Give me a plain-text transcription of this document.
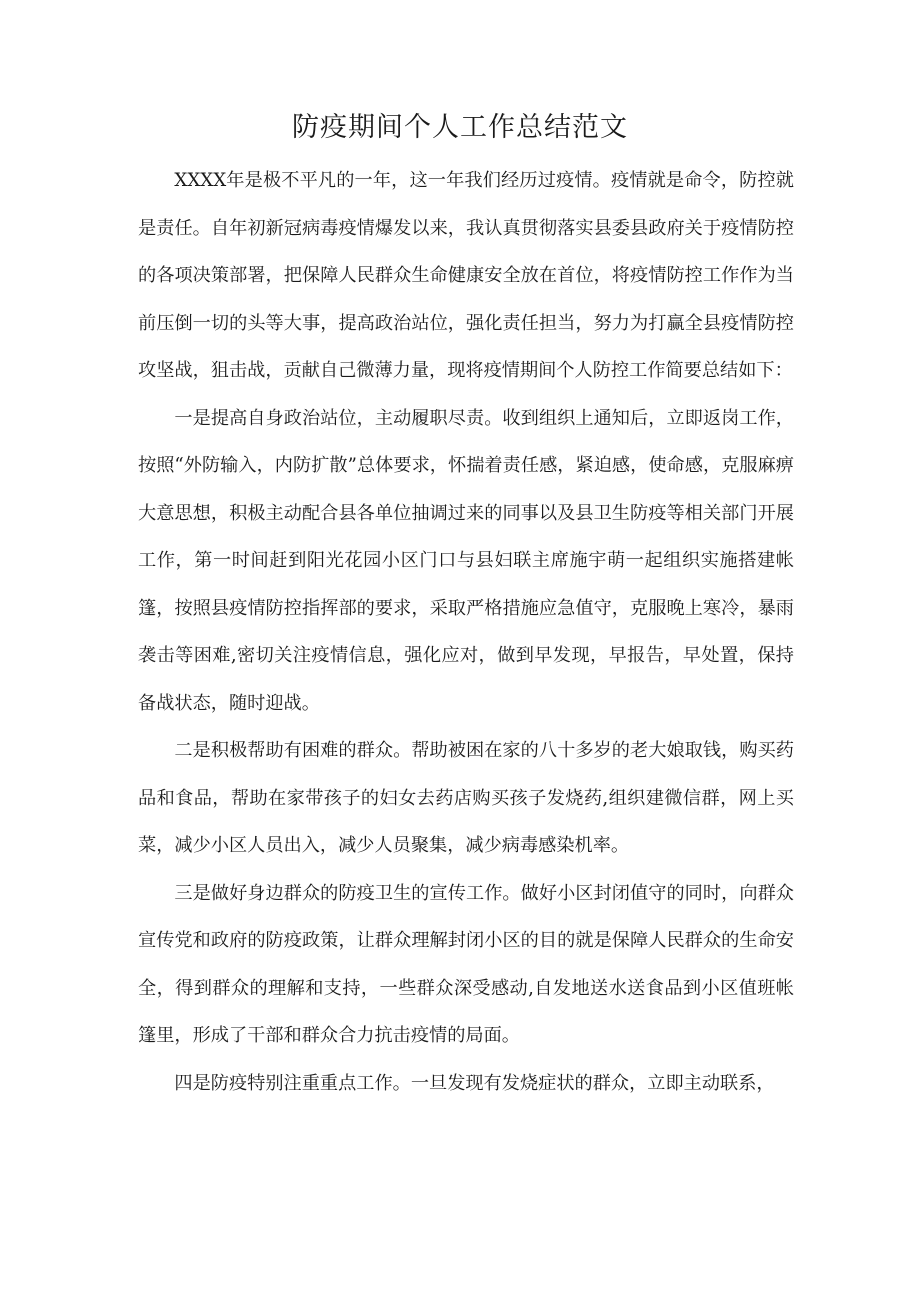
防疫期间个人工作总结范文

XXXX年是极不平凡的一年，这一年我们经历过疫情。疫情就是命令，防控就是责任。自年初新冠病毒疫情爆发以来，我认真贯彻落实县委县政府关于疫情防控的各项决策部署，把保障人民群众生命健康安全放在首位，将疫情防控工作作为当前压倒一切的头等大事，提高政治站位，强化责任担当，努力为打赢全县疫情防控攻坚战，狙击战，贡献自己微薄力量，现将疫情期间个人防控工作简要总结如下：

一是提高自身政治站位，主动履职尽责。收到组织上通知后，立即返岗工作，按照“外防输入，内防扩散”总体要求，怀揣着责任感，紧迫感，使命感，克服麻痹大意思想，积极主动配合县各单位抽调过来的同事以及县卫生防疫等相关部门开展工作，第一时间赶到阳光花园小区门口与县妇联主席施宇萌一起组织实施搭建帐篷，按照县疫情防控指挥部的要求，采取严格措施应急值守，克服晚上寒冷，暴雨袭击等困难,密切关注疫情信息，强化应对，做到早发现，早报告，早处置，保持备战状态，随时迎战。

二是积极帮助有困难的群众。帮助被困在家的八十多岁的老大娘取钱，购买药品和食品，帮助在家带孩子的妇女去药店购买孩子发烧药,组织建微信群，网上买菜，减少小区人员出入，减少人员聚集，减少病毒感染机率。

三是做好身边群众的防疫卫生的宣传工作。做好小区封闭值守的同时，向群众宣传党和政府的防疫政策，让群众理解封闭小区的目的就是保障人民群众的生命安全，得到群众的理解和支持，一些群众深受感动,自发地送水送食品到小区值班帐篷里，形成了干部和群众合力抗击疫情的局面。

四是防疫特别注重重点工作。一旦发现有发烧症状的群众，立即主动联系，
